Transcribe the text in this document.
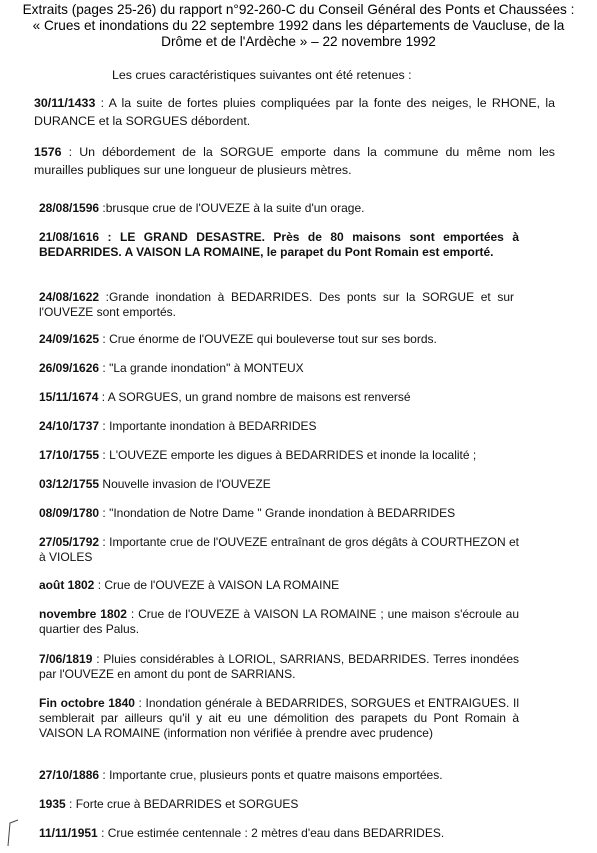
Extraits (pages 25-26) du rapport n°92-260-C du Conseil Général des Ponts et Chaussées :
« Crues et inondations du 22 septembre 1992 dans les départements de Vaucluse, de la
Drôme et de l'Ardèche » – 22 novembre 1992
Les crues caractéristiques suivantes ont été retenues :
30/11/1433 : A la suite de fortes pluies compliquées par la fonte des neiges, le RHONE, la DURANCE et la SORGUES débordent.
1576 : Un débordement de la SORGUE emporte dans la commune du même nom les murailles publiques sur une longueur de plusieurs mètres.
28/08/1596 :brusque crue de l'OUVEZE à la suite d'un orage.
21/08/1616 : LE GRAND DESASTRE. Près de 80 maisons sont emportées à BEDARRIDES. A VAISON LA ROMAINE, le parapet du Pont Romain est emporté.
24/08/1622 :Grande inondation à BEDARRIDES. Des ponts sur la SORGUE et sur l'OUVEZE sont emportés.
24/09/1625 : Crue énorme de l'OUVEZE qui bouleverse tout sur ses bords.
26/09/1626 : "La grande inondation" à MONTEUX
15/11/1674 : A SORGUES, un grand nombre de maisons est renversé
24/10/1737 : Importante inondation à BEDARRIDES
17/10/1755 : L'OUVEZE emporte les digues à BEDARRIDES et inonde la localité ;
03/12/1755 Nouvelle invasion de l'OUVEZE
08/09/1780 : "Inondation de Notre Dame " Grande inondation à BEDARRIDES
27/05/1792 : Importante crue de l'OUVEZE entraînant de gros dégâts à COURTHEZON et à VIOLES
août 1802 : Crue de l'OUVEZE à VAISON LA ROMAINE
novembre 1802 : Crue de l'OUVEZE à VAISON LA ROMAINE ; une maison s'écroule au quartier des Palus.
7/06/1819 : Pluies considérables à LORIOL, SARRIANS, BEDARRIDES. Terres inondées par l'OUVEZE en amont du pont de SARRIANS.
Fin octobre 1840 : Inondation générale à BEDARRIDES, SORGUES et ENTRAIGUES. Il semblerait par ailleurs qu'il y ait eu une démolition des parapets du Pont Romain à VAISON LA ROMAINE (information non vérifiée à prendre avec prudence)
27/10/1886 : Importante crue, plusieurs ponts et quatre maisons emportées.
1935 : Forte crue à BEDARRIDES et SORGUES
11/11/1951 : Crue estimée centennale : 2 mètres d'eau dans BEDARRIDES.
